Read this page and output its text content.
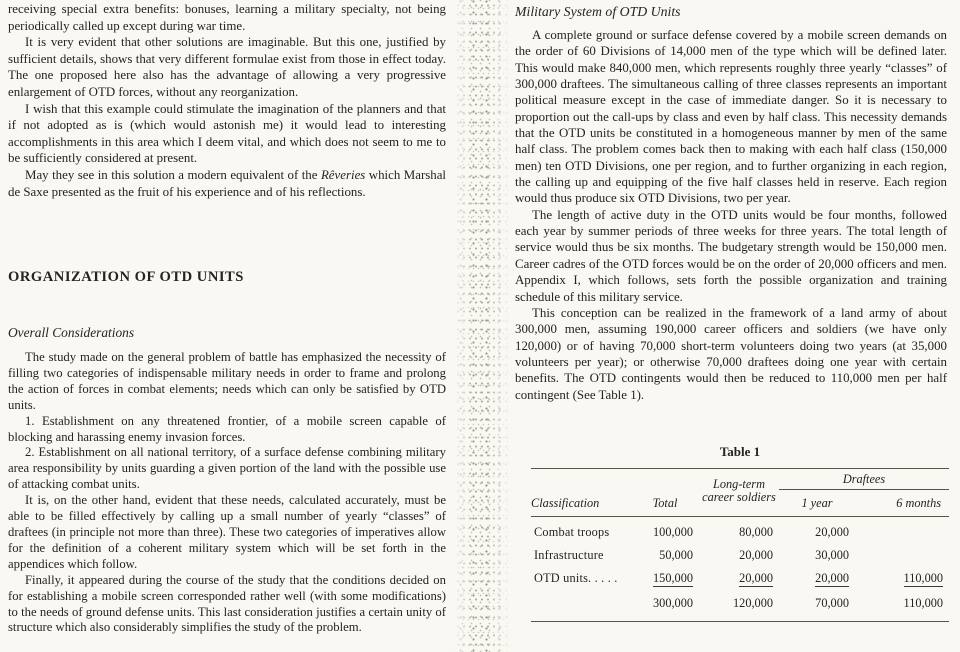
receiving special extra benefits: bonuses, learning a military specialty, not being periodically called up except during war time.

It is very evident that other solutions are imaginable. But this one, justified by sufficient details, shows that very different formulae exist from those in effect today. The one proposed here also has the advantage of allowing a very progressive enlargement of OTD forces, without any reorganization.

I wish that this example could stimulate the imagination of the planners and that if not adopted as is (which would astonish me) it would lead to interesting accomplishments in this area which I deem vital, and which does not seem to me to be sufficiently considered at present.

May they see in this solution a modern equivalent of the Rêveries which Marshal de Saxe presented as the fruit of his experience and of his reflections.

ORGANIZATION OF OTD UNITS
Overall Considerations

The study made on the general problem of battle has emphasized the necessity of filling two categories of indispensable military needs in order to frame and prolong the action of forces in combat elements; needs which can only be satisfied by OTD units.

1. Establishment on any threatened frontier, of a mobile screen capable of blocking and harassing enemy invasion forces.

2. Establishment on all national territory, of a surface defense combining military area responsibility by units guarding a given portion of the land with the possible use of attacking combat units.

It is, on the other hand, evident that these needs, calculated accurately, must be able to be filled effectively by calling up a small number of yearly “classes” of draftees (in principle not more than three). These two categories of imperatives allow for the definition of a coherent military system which will be set forth in the appendices which follow.

Finally, it appeared during the course of the study that the conditions decided on for establishing a mobile screen corresponded rather well (with some modifications) to the needs of ground defense units. This last consideration justifies a certain unity of structure which also considerably simplifies the study of the problem.

Military System of OTD Units

A complete ground or surface defense covered by a mobile screen demands on the order of 60 Divisions of 14,000 men of the type which will be defined later. This would make 840,000 men, which represents roughly three yearly “classes” of 300,000 draftees. The simultaneous calling of three classes represents an important political measure except in the case of immediate danger. So it is necessary to proportion out the call-ups by class and even by half class. This necessity demands that the OTD units be constituted in a homogeneous manner by men of the same half class. The problem comes back then to making with each half class (150,000 men) ten OTD Divisions, one per region, and to further organizing in each region, the calling up and equipping of the five half classes held in reserve. Each region would thus produce six OTD Divisions, two per year.

The length of active duty in the OTD units would be four months, followed each year by summer periods of three weeks for three years. The total length of service would thus be six months. The budgetary strength would be 150,000 men. Career cadres of the OTD forces would be on the order of 20,000 officers and men. Appendix I, which follows, sets forth the possible organization and training schedule of this military service.

This conception can be realized in the framework of a land army of about 300,000 men, assuming 190,000 career officers and soldiers (we have only 120,000) or of having 70,000 short-term volunteers doing two years (at 35,000 volunteers per year); or otherwise 70,000 draftees doing one year with certain benefits. The OTD contingents would then be reduced to 110,000 men per half contingent (See Table 1).

Table 1

Classification	Total	Long-term career soldiers	Draftees	
			1 year	6 months
Combat troops	100,000	80,000	20,000	
Infrastructure	50,000	20,000	30,000	
OTD units. . . . .	150,000	20,000	20,000	110,000
	300,000	120,000	70,000	110,000
